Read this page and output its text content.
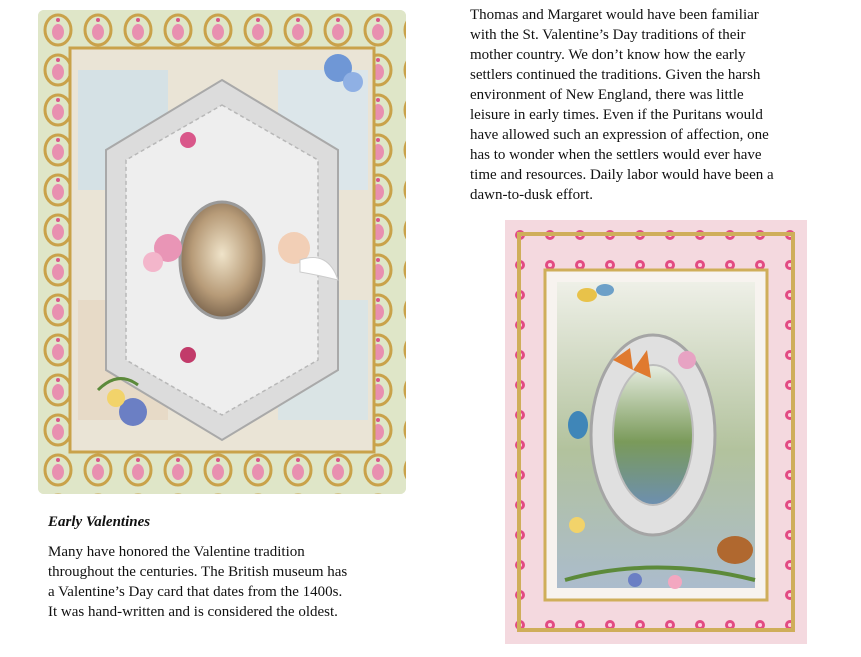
Thomas and Margaret would have been familiar
with the St. Valentine’s Day traditions of their
mother country. We don’t know how the early
settlers continued the traditions. Given the harsh
environment of New England, there was little
leisure in early times. Even if the Puritans would
have allowed such an expression of affection, one
has to wonder when the settlers would ever have
time and resources. Daily labor would have been a
dawn-to-dusk effort.

Early Valentines

Many have honored the Valentine tradition
throughout the centuries. The British museum has
a Valentine’s Day card that dates from the 1400s.
It was hand-written and is considered the oldest.
